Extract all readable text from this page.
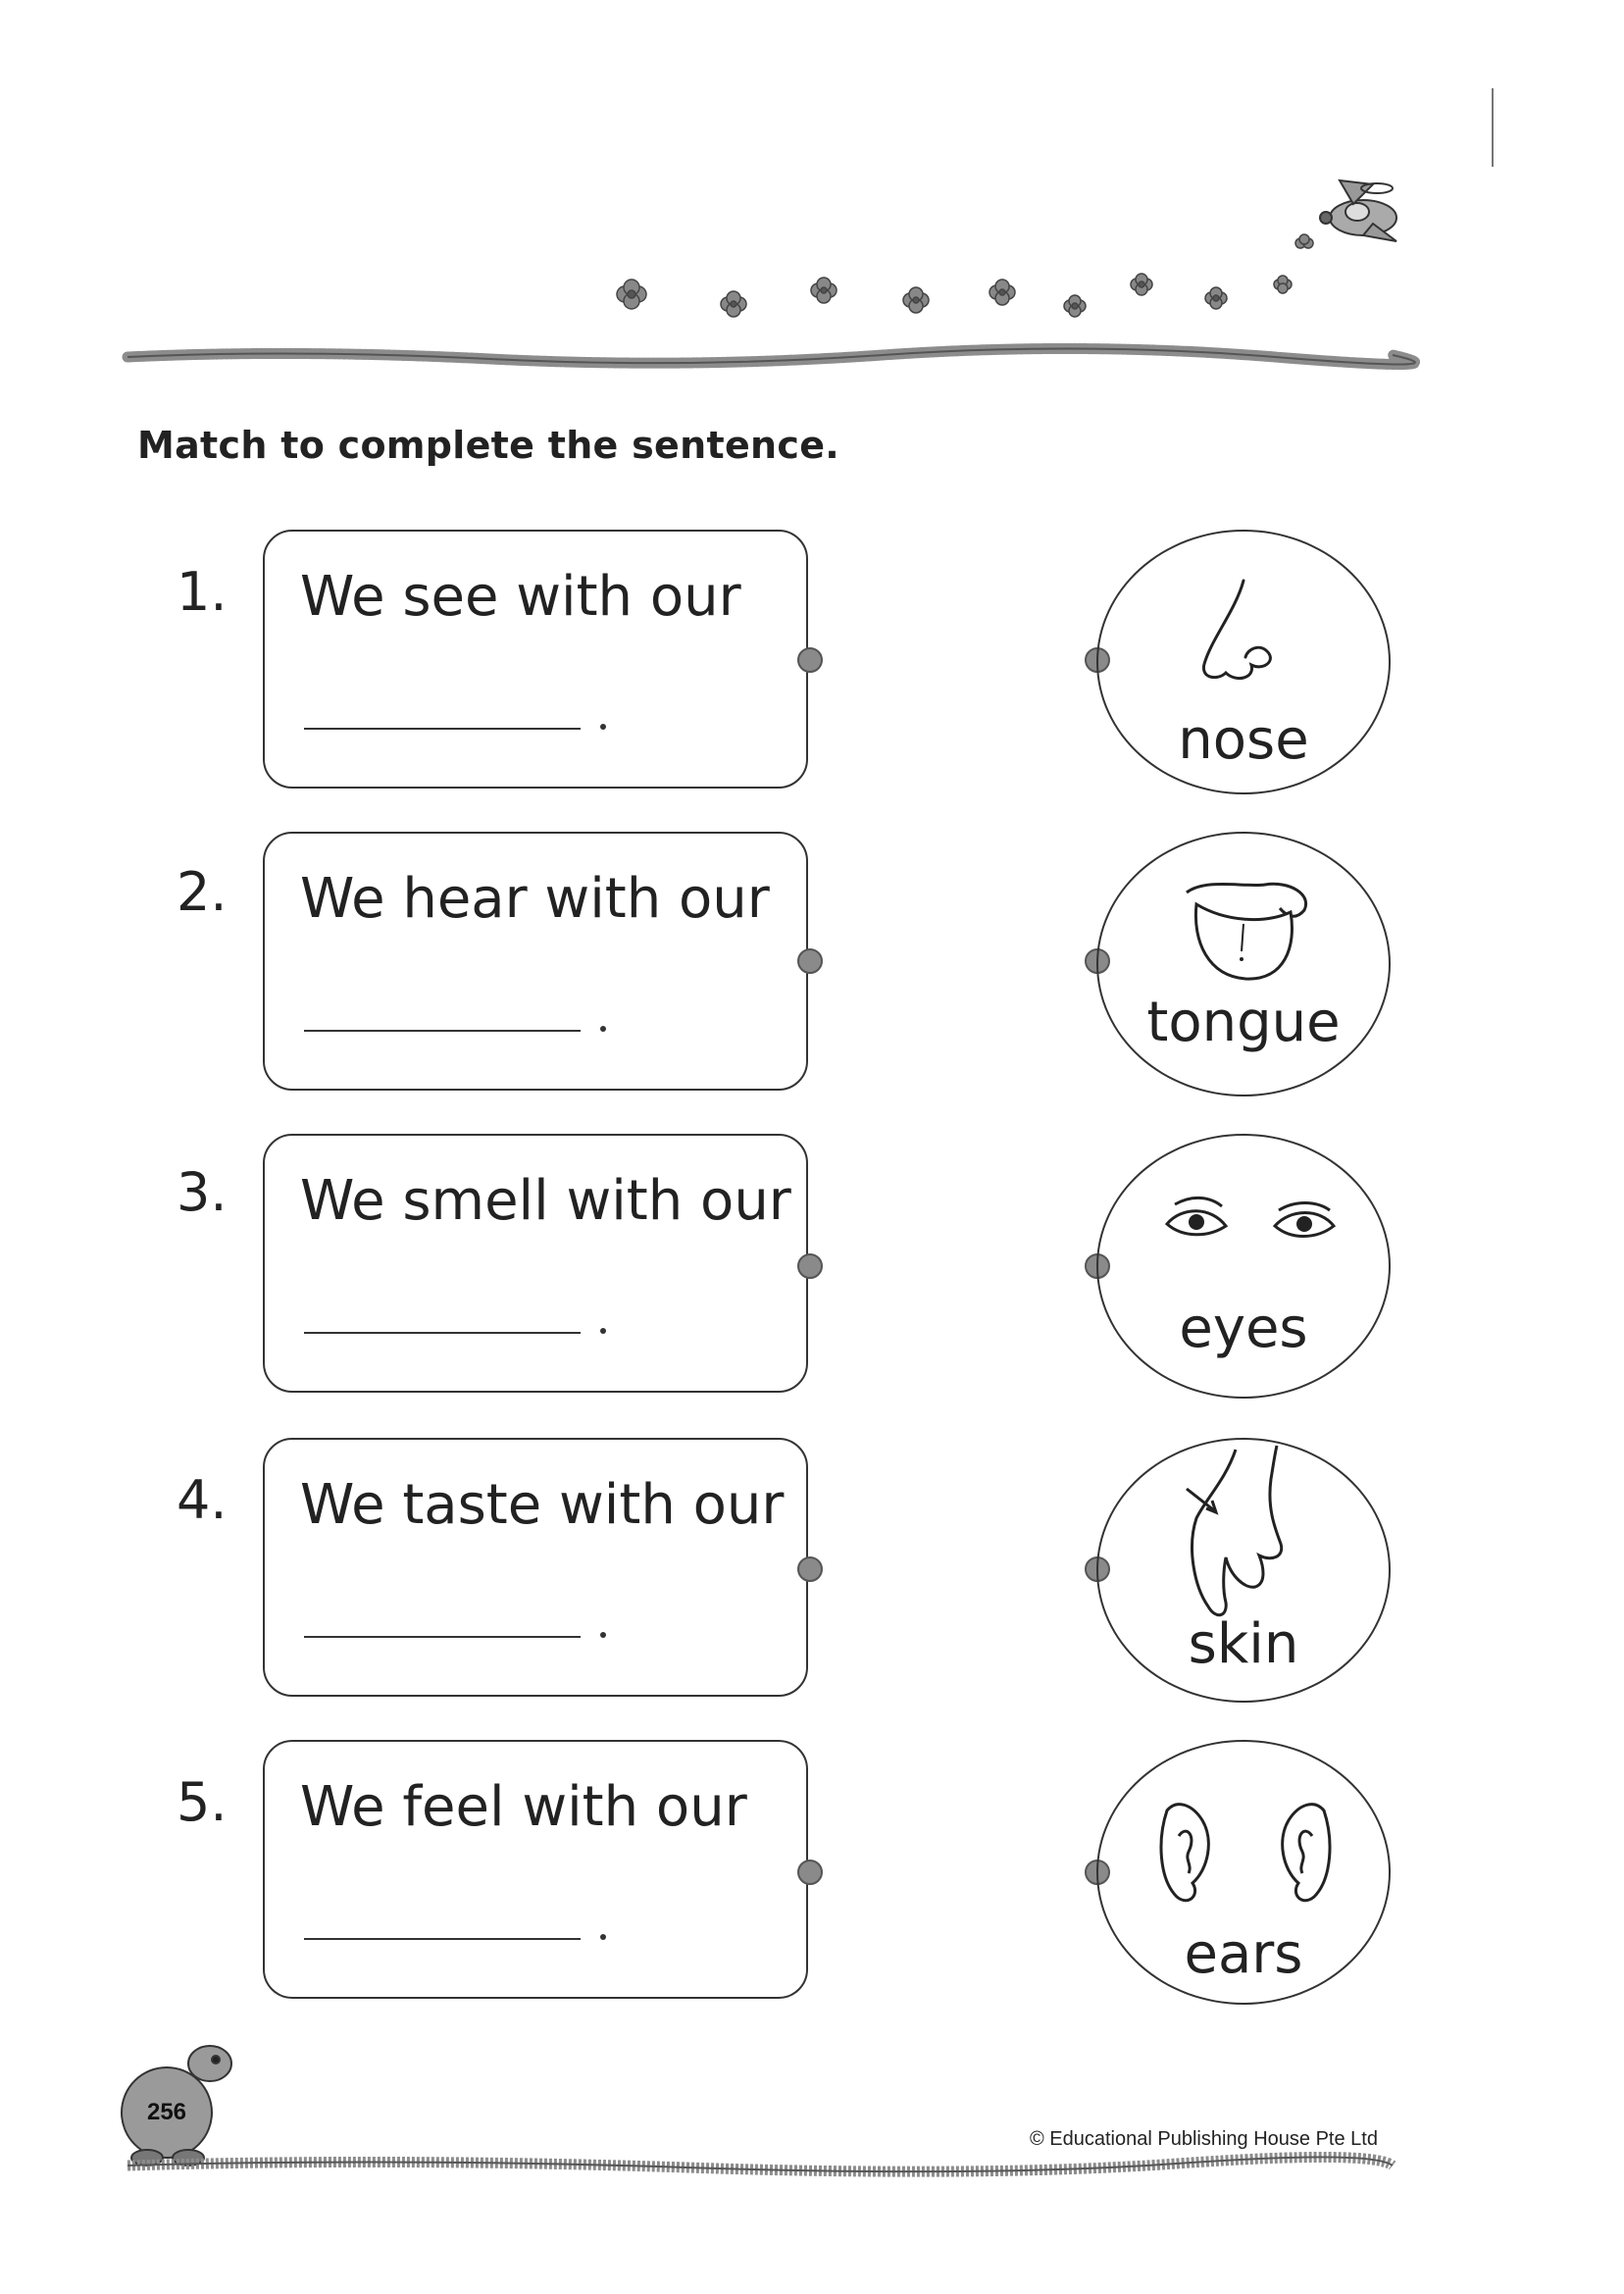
Match to complete the sentence.
1.	We see with our
2.	We hear with our
3.	We smell with our
4.	We taste with our
5.	We feel with our
nose
tongue
eyes
skin
ears
256
© Educational Publishing House Pte Ltd
